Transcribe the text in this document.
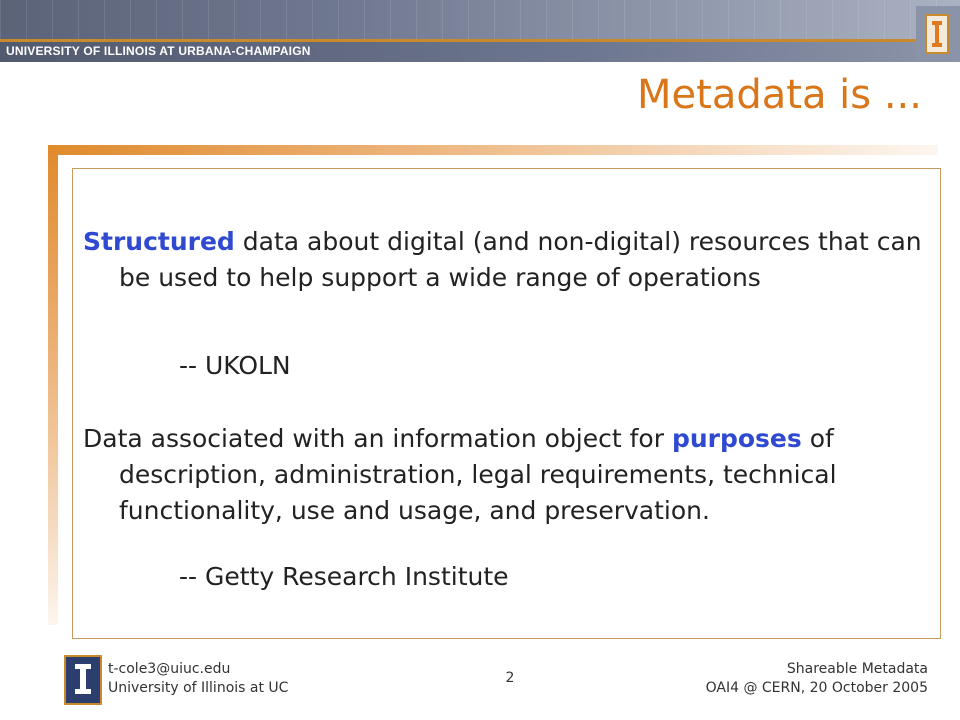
UNIVERSITY OF ILLINOIS AT URBANA-CHAMPAIGN
Metadata is ...
Structured data about digital (and non-digital) resources that can be used to help support a wide range of operations
-- UKOLN
Data associated with an information object for purposes of description, administration, legal requirements, technical functionality, use and usage, and preservation.
-- Getty Research Institute
t-cole3@uiuc.edu
University of Illinois at UC
2
Shareable Metadata
OAI4 @ CERN, 20 October 2005
